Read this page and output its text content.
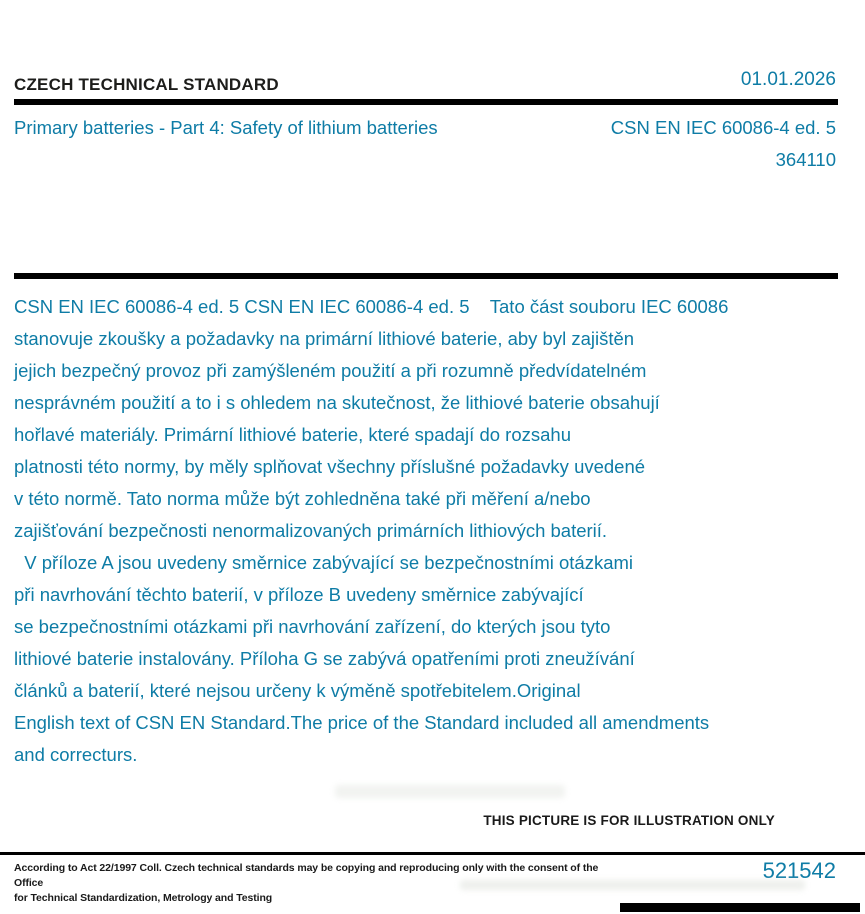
CZECH TECHNICAL STANDARD	01.01.2026
Primary batteries - Part 4: Safety of lithium batteries	CSN EN IEC 60086-4 ed. 5
364110
CSN EN IEC 60086-4 ed. 5 CSN EN IEC 60086-4 ed. 5    Tato část souboru IEC 60086
stanovuje zkoušky a požadavky na primární lithiové baterie, aby byl zajištěn
jejich bezpečný provoz při zamýšleném použití a při rozumně předvídatelném
nesprávném použití a to i s ohledem na skutečnost, že lithiové baterie obsahují
hořlavé materiály. Primární lithiové baterie, které spadají do rozsahu
platnosti této normy, by měly splňovat všechny příslušné požadavky uvedené
v této normě. Tato norma může být zohledněna také při měření a/nebo
zajišťování bezpečnosti nenormalizovaných primárních lithiových baterií.
V příloze A jsou uvedeny směrnice zabývající se bezpečnostními otázkami
při navrhování těchto baterií, v příloze B uvedeny směrnice zabývající
se bezpečnostními otázkami při navrhování zařízení, do kterých jsou tyto
lithiové baterie instalovány. Příloha G se zabývá opatřeními proti zneužívání
článků a baterií, které nejsou určeny k výměně spotřebitelem.Original
English text of CSN EN Standard.The price of the Standard included all amendments
and correcturs.
THIS PICTURE IS FOR ILLUSTRATION ONLY
According to Act 22/1997 Coll. Czech technical standards may be copying and reproducing only with the consent of the Office
for Technical Standardization, Metrology and Testing
521542
